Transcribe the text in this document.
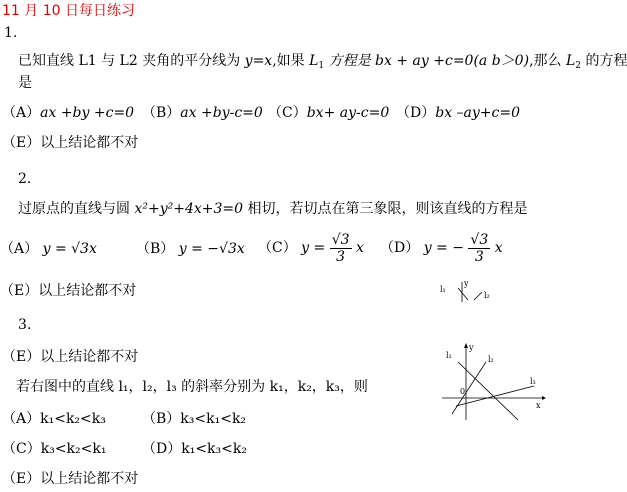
11 月 10 日每日练习
1.
已知直线 L1 与 L2 夹角的平分线为 y=x,如果 $L_1$ 方程是 bx + ay +c=0(a b＞0),那么 $L_2$ 的方程
是
（A）ax +by +c=0 （B）ax +by-c=0 （C）bx+ ay-c=0 （D）bx –ay+c=0
（E）以上结论都不对
2.
过原点的直线与圆 x²+y²+4x+3=0 相切，若切点在第三象限，则该直线的方程是
（A） y = √3x	（B） y = −√3x （C） $y = \frac{√3}{3}$ x （D） y = − $\frac{√3}{3}$ x
（E）以上结论都不对	l₁
y
l₂
3.
（E）以上结论都不对
若右图中的直线 l₁，l₂，l₃ 的斜率分别为 k₁，k₂，k₃，则
（A）k₁<k₂<k₃	（B）k₃<k₁<k₂
（C）k₃<k₂<k₁	（D）k₁<k₃<k₂
（E）以上结论都不对
l₁
y
l₂
l₃
0
x
